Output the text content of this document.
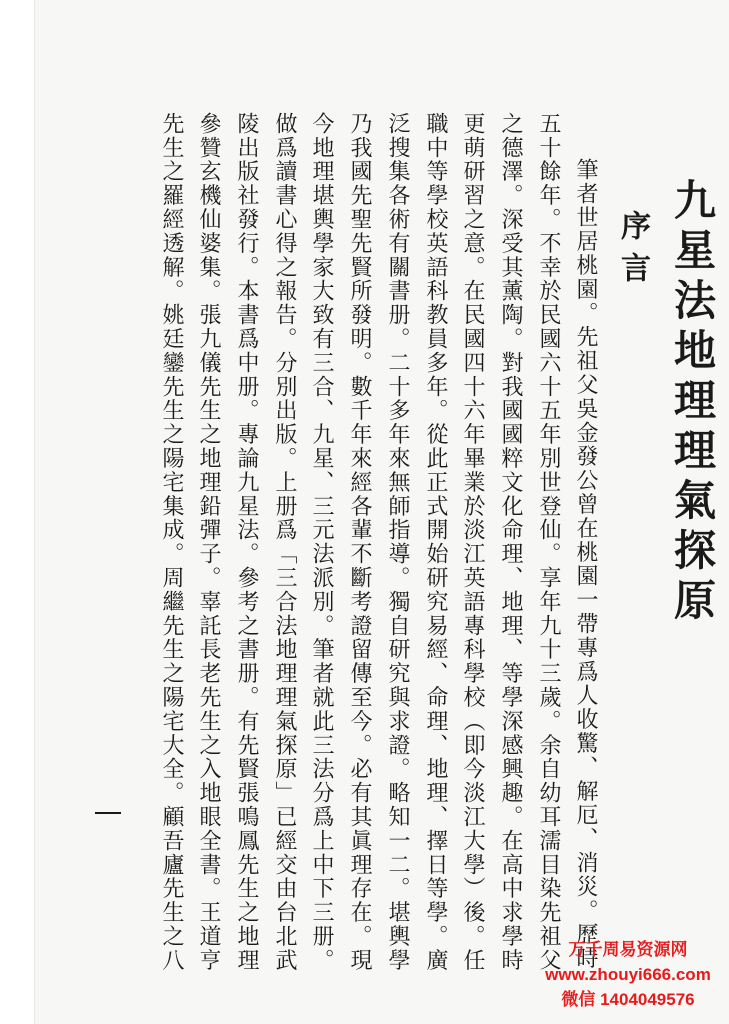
九星法地理理氣探原
序言
筆者世居桃園。先祖父吳金發公曾在桃園一帶專爲人收驚、解厄、消災。歷時
五十餘年。不幸於民國六十五年別世登仙。享年九十三歲。余自幼耳濡目染先祖父
之德澤。深受其薰陶。對我國國粹文化命理、地理、等學深感興趣。在高中求學時
更萌研習之意。在民國四十六年畢業於淡江英語專科學校（即今淡江大學）後。任
職中等學校英語科教員多年。從此正式開始研究易經、命理、地理、擇日等學。廣
泛搜集各術有關書册。二十多年來無師指導。獨自研究與求證。略知一二。堪輿學
乃我國先聖先賢所發明。數千年來經各輩不斷考證留傳至今。必有其眞理存在。現
今地理堪輿學家大致有三合、九星、三元法派別。筆者就此三法分爲上中下三册。
做爲讀書心得之報告。分別出版。上册爲「三合法地理理氣探原」已經交由台北武
陵出版社發行。本書爲中册。專論九星法。參考之書册。有先賢張鳴鳳先生之地理
參贊玄機仙婆集。張九儀先生之地理鉛彈子。辜託長老先生之入地眼全書。王道亨
先生之羅經透解。姚廷鑾先生之陽宅集成。周繼先生之陽宅大全。顧吾廬先生之八	万千周易资源网
www.zhouyi666.com
微信 1404049576
